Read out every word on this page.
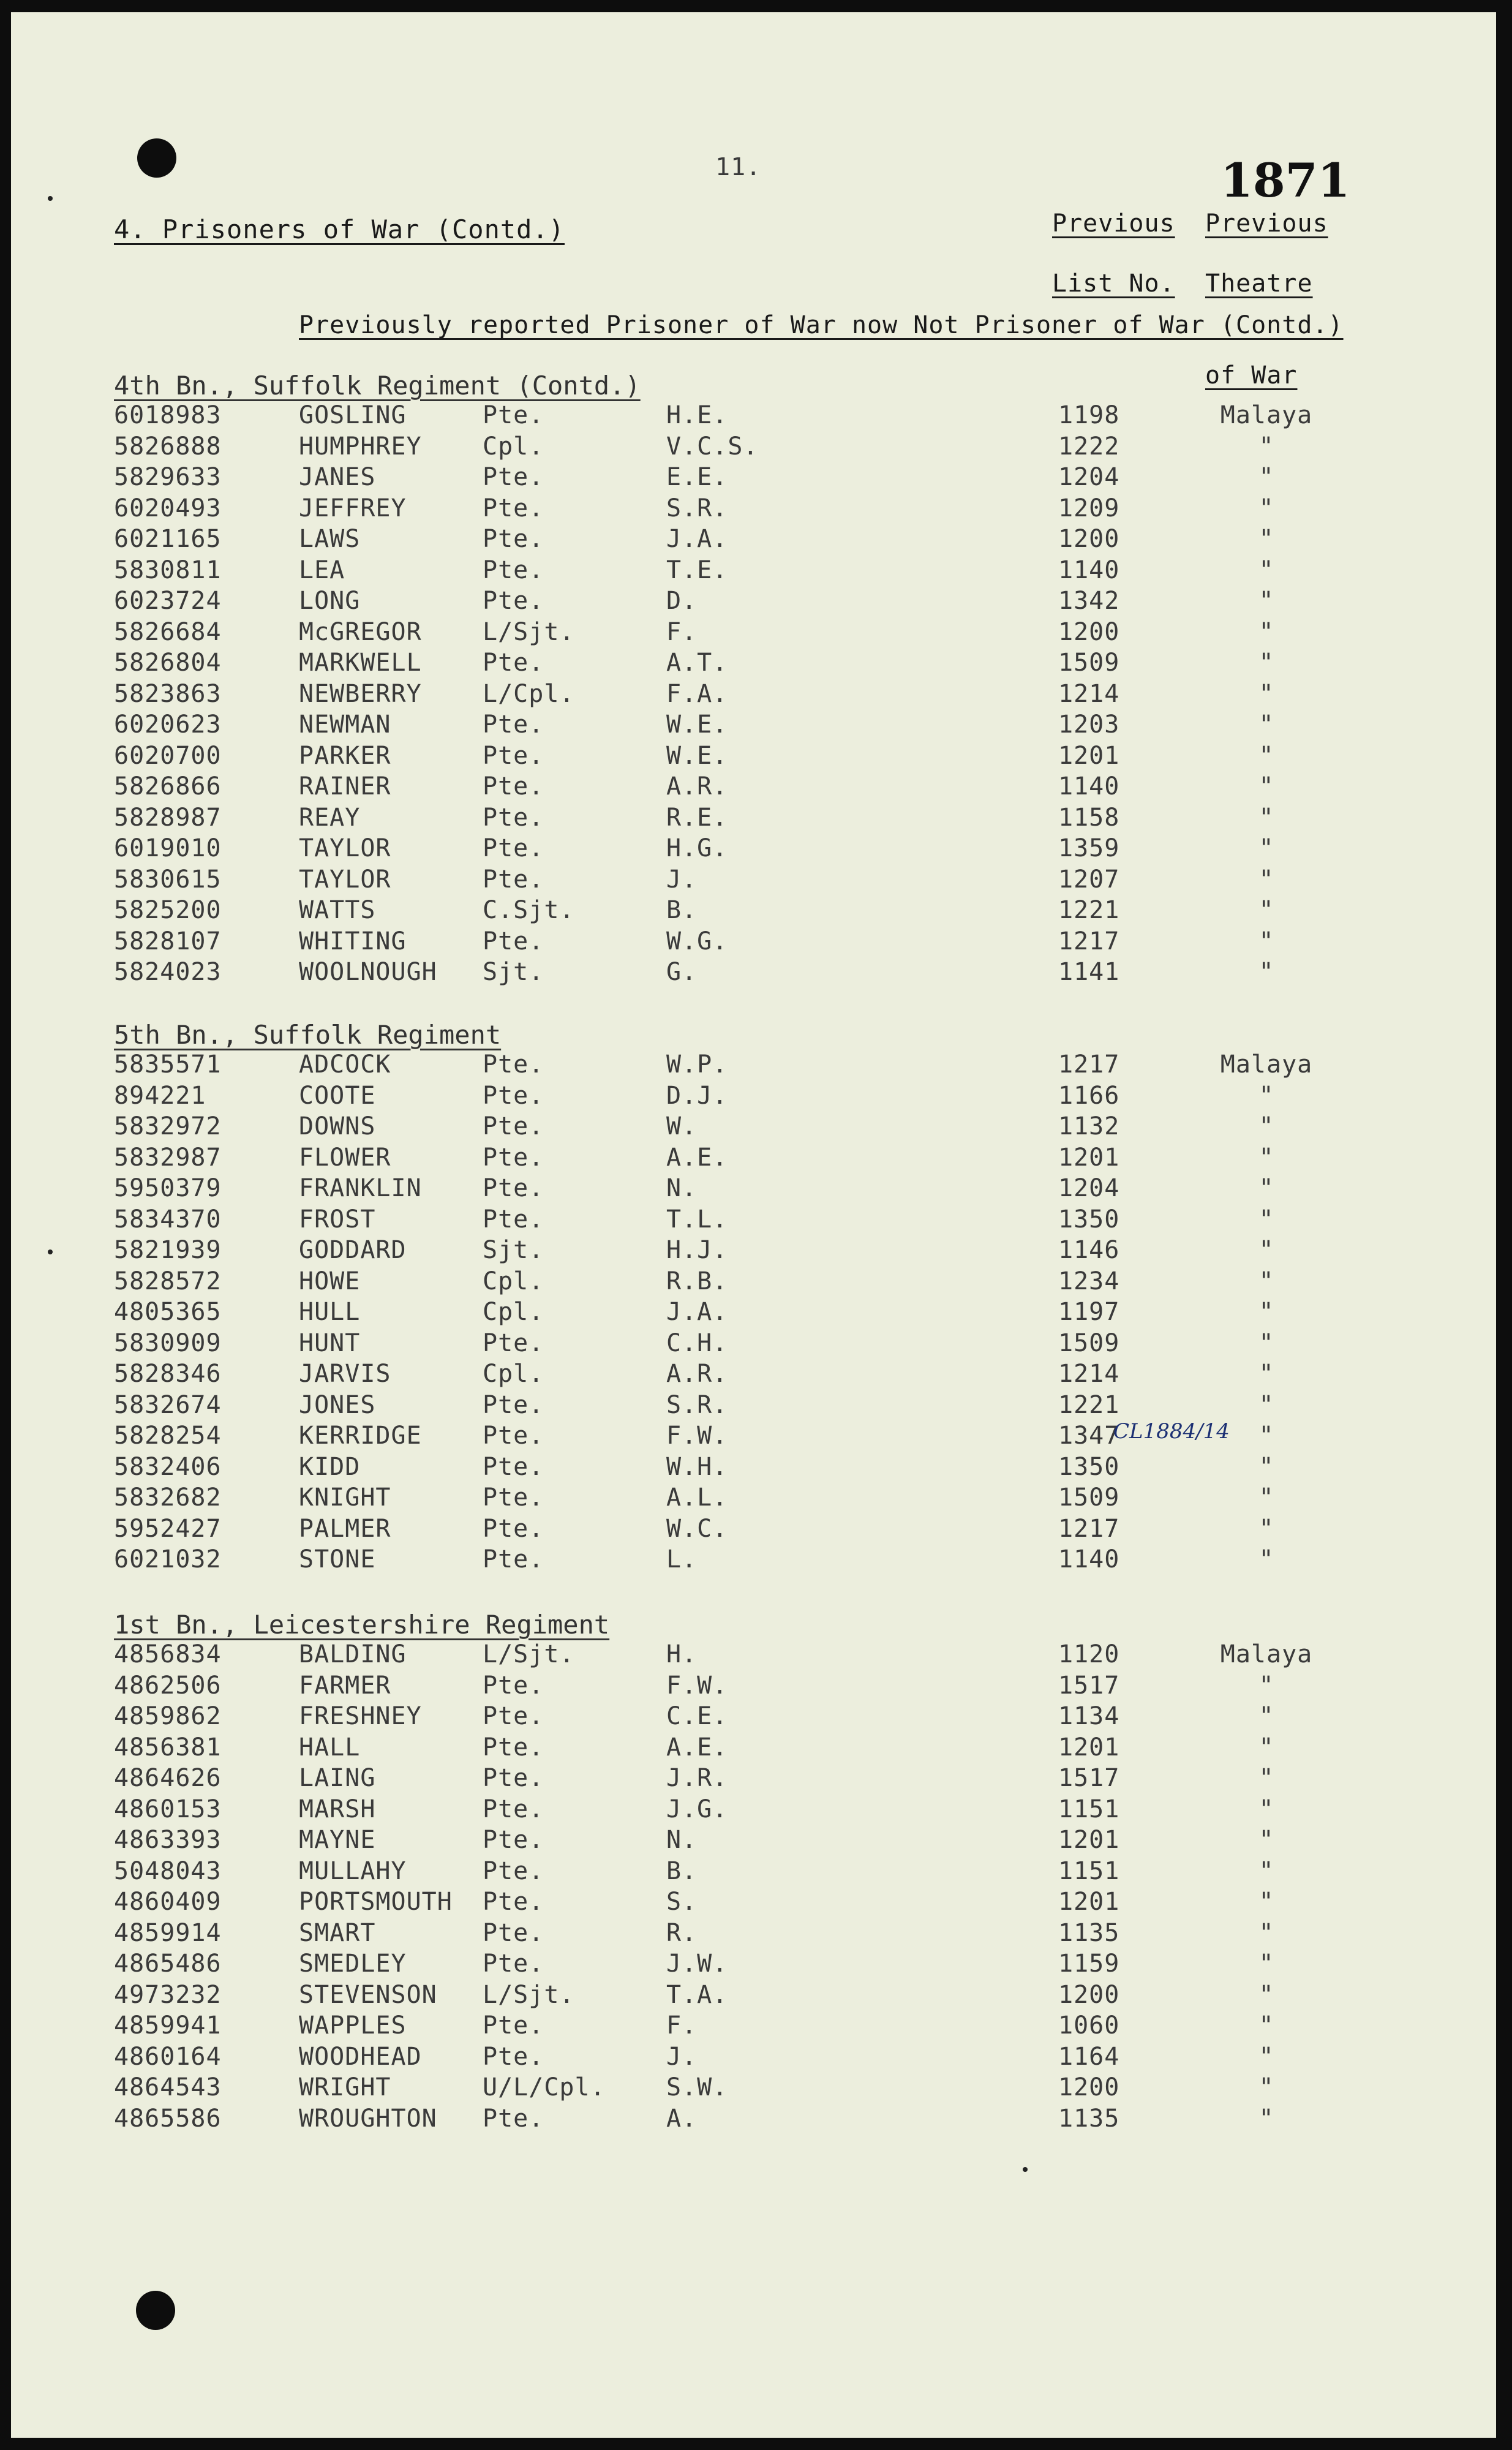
11.	1871
4. Prisoners of War (Contd.)	Previous
List No.
Previous
Theatre
of War
Previously reported Prisoner of War now Not Prisoner of War (Contd.)
4th Bn., Suffolk Regiment (Contd.)
6018983	GOSLING	Pte.	H.E.	1198	Malaya
5826888	HUMPHREY Cpl.	V.C.S.	1222	"
5829633	JANES	Pte.	E.E.	1204	"
6020493	JEFFREY	Pte.	S.R.	1209	"
6021165	LAWS	Pte.	J.A.	1200	"
5830811	LEA	Pte.	T.E.	1140	"
6023724	LONG	Pte.	D.	1342	"
5826684	McGREGOR L/Sjt.	F.	1200	"
5826804	MARKWELL Pte.	A.T.	1509	"
5823863	NEWBERRY L/Cpl.	F.A.	1214	"
6020623	NEWMAN	Pte.	W.E.	1203	"
6020700	PARKER	Pte.	W.E.	1201	"
5826866	RAINER	Pte.	A.R.	1140	"
5828987	REAY	Pte.	R.E.	1158	"
6019010	TAYLOR	Pte.	H.G.	1359	"
5830615	TAYLOR	Pte.	J.	1207	"
5825200	WATTS	C.Sjt.	B.	1221	"
5828107	WHITING	Pte.	W.G.	1217	"
5824023	WOOLNOUGH Sjt.	G.	1141	"
5th Bn., Suffolk Regiment
5835571	ADCOCK	Pte.	W.P.	1217	Malaya
894221	COOTE	Pte.	D.J.	1166	"
5832972	DOWNS	Pte.	W.	1132	"
5832987	FLOWER	Pte.	A.E.	1201	"
5950379	FRANKLIN Pte.	N.	1204	"
5834370	FROST	Pte.	T.L.	1350	"
5821939	GODDARD	Sjt.	H.J.	1146	"
5828572	HOWE	Cpl.	R.B.	1234	"
4805365	HULL	Cpl.	J.A.	1197	"
5830909	HUNT	Pte.	C.H.	1509	"
5828346	JARVIS	Cpl.	A.R.	1214	"
5832674	JONES	Pte.	S.R.	1221	"
5828254	KERRIDGE Pte.	F.W.	1347	"
CL1884/14
5832406	KIDD	Pte.	W.H.	1350	"
5832682	KNIGHT	Pte.	A.L.	1509	"
5952427	PALMER	Pte.	W.C.	1217	"
6021032	STONE	Pte.	L.	1140	"
1st Bn., Leicestershire Regiment
4856834	BALDING	L/Sjt.	H.	1120	Malaya
4862506	FARMER	Pte.	F.W.	1517	"
4859862	FRESHNEY Pte.	C.E.	1134	"
4856381	HALL	Pte.	A.E.	1201	"
4864626	LAING	Pte.	J.R.	1517	"
4860153	MARSH	Pte.	J.G.	1151	"
4863393	MAYNE	Pte.	N.	1201	"
5048043	MULLAHY	Pte.	B.	1151	"
4860409	PORTSMOUTH Pte.	S.	1201	"
4859914	SMART	Pte.	R.	1135	"
4865486	SMEDLEY	Pte.	J.W.	1159	"
4973232	STEVENSON L/Sjt.	T.A.	1200	"
4859941	WAPPLES	Pte.	F.	1060	"
4860164	WOODHEAD Pte.	J.	1164	"
4864543	WRIGHT	U/L/Cpl. S.W.	1200	"
4865586	WROUGHTON Pte.	A.	1135	"
